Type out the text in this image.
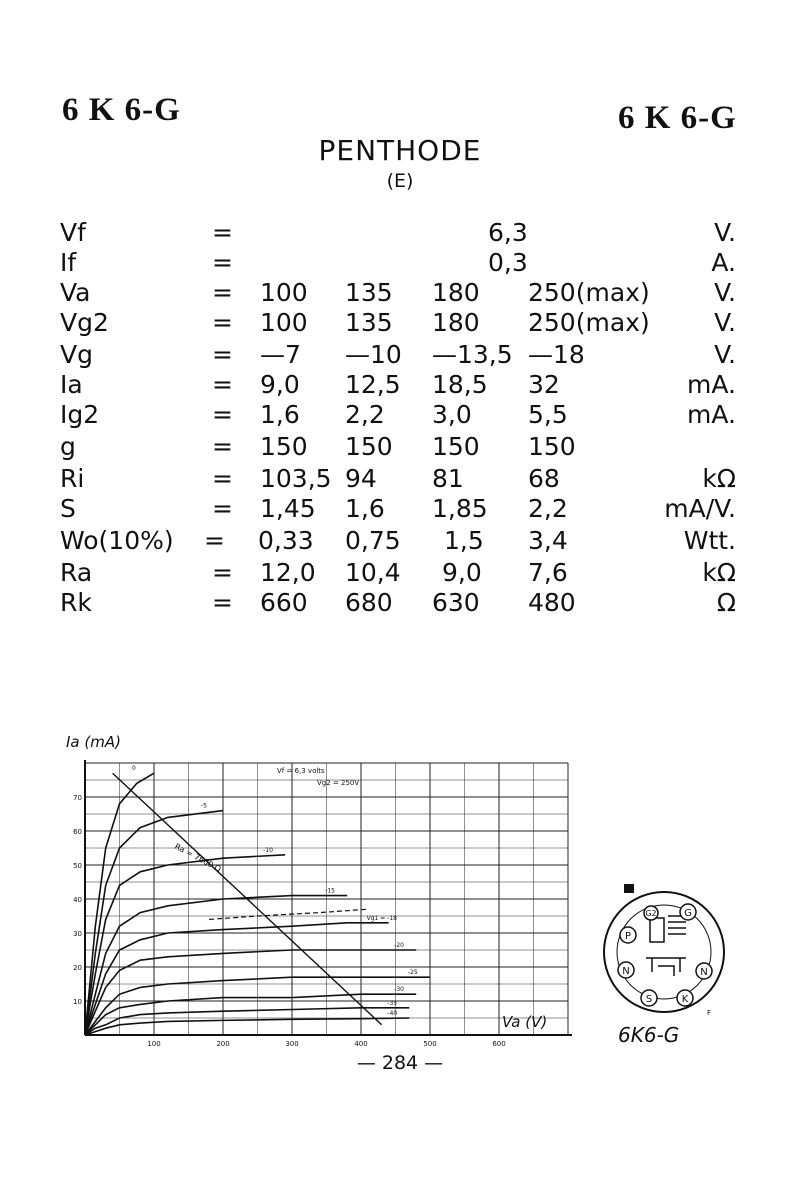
6 K 6-G	6 K 6-G
PENTHODE
(E)
Vf	=	6,3	V.
If	=	0,3	A.
Va	= 100 135 180 250(max)	V.
Vg2	= 100 135 180 250(max)	V.
Vg	= —7 —10 —13,5 —18	V.
Ia	= 9,0 12,5 18,5 32	mA.
Ig2	= 1,6 2,2 3,0 5,5	mA.
g	= 150 150 150 150
Ri	= 103,5 94 81	68	kΩ
S	= 1,45 1,6 1,85 2,2	mA/V.
Wo(10%) = 0,33 0,75 1,5 3,4	Wtt.
Ra	= 12,0 10,4 9,0 7,6	kΩ
Rk	= 660 680 630 480	Ω
10
20
30
40
50
60
70
100	200	300	400	500	600
0
-5
-10
-15
Vg1 = -18
-20
-25
-30
-35
-40
Ia (mA)
Va (V)
Vf = 6,3 volts
Vg2 = 250V
Ra = 7600 Ω
G2	G
P
N	N
S	K
F
6K6-G
— 284 —
